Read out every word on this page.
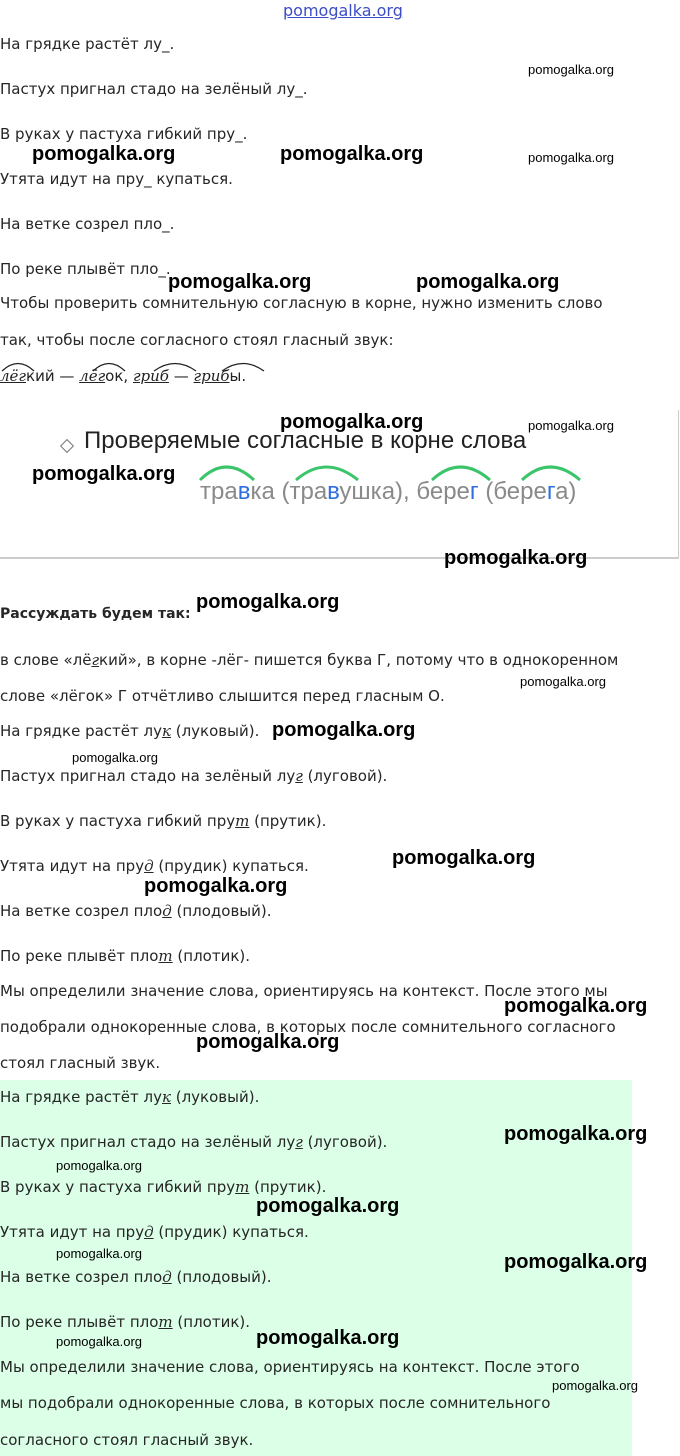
pomogalka.org
На грядке растёт лу_.
Пастух пригнал стадо на зелёный лу_.
В руках у пастуха гибкий пру_.
Утята идут на пру_ купаться.
На ветке созрел пло_.
По реке плывёт пло_.
Чтобы проверить сомнительную согласную в корне, нужно изменить слово
так, чтобы после согласного стоял гласный звук:
лёгкий — лёгок, гриб — грибы.
Проверяемые согласные в корне слова
травка (травушка), берег (берега)
Рассуждать будем так:
в слове «лёгкий», в корне -лёг- пишется буква Г, потому что в однокоренном
слове «лёгок» Г отчётливо слышится перед гласным О.
На грядке растёт лук (луковый).
Пастух пригнал стадо на зелёный луг (луговой).
В руках у пастуха гибкий прут (прутик).
Утята идут на пруд (прудик) купаться.
На ветке созрел плод (плодовый).
По реке плывёт плот (плотик).
Мы определили значение слова, ориентируясь на контекст. После этого мы
подобрали однокоренные слова, в которых после сомнительного согласного
стоял гласный звук.
На грядке растёт лук (луковый).
Пастух пригнал стадо на зелёный луг (луговой).
В руках у пастуха гибкий прут (прутик).
Утята идут на пруд (прудик) купаться.
На ветке созрел плод (плодовый).
По реке плывёт плот (плотик).
Мы определили значение слова, ориентируясь на контекст. После этого
мы подобрали однокоренные слова, в которых после сомнительного
согласного стоял гласный звук.
pomogalka.org
pomogalka.org	pomogalka.org	pomogalka.org
pomogalka.org	pomogalka.org
pomogalka.org	pomogalka.org
pomogalka.org
pomogalka.org
pomogalka.org
pomogalka.org
pomogalka.org
pomogalka.org
pomogalka.org
pomogalka.org
pomogalka.org
pomogalka.org
pomogalka.org
pomogalka.org
pomogalka.org
pomogalka.org	pomogalka.org
pomogalka.org	pomogalka.org
pomogalka.org
